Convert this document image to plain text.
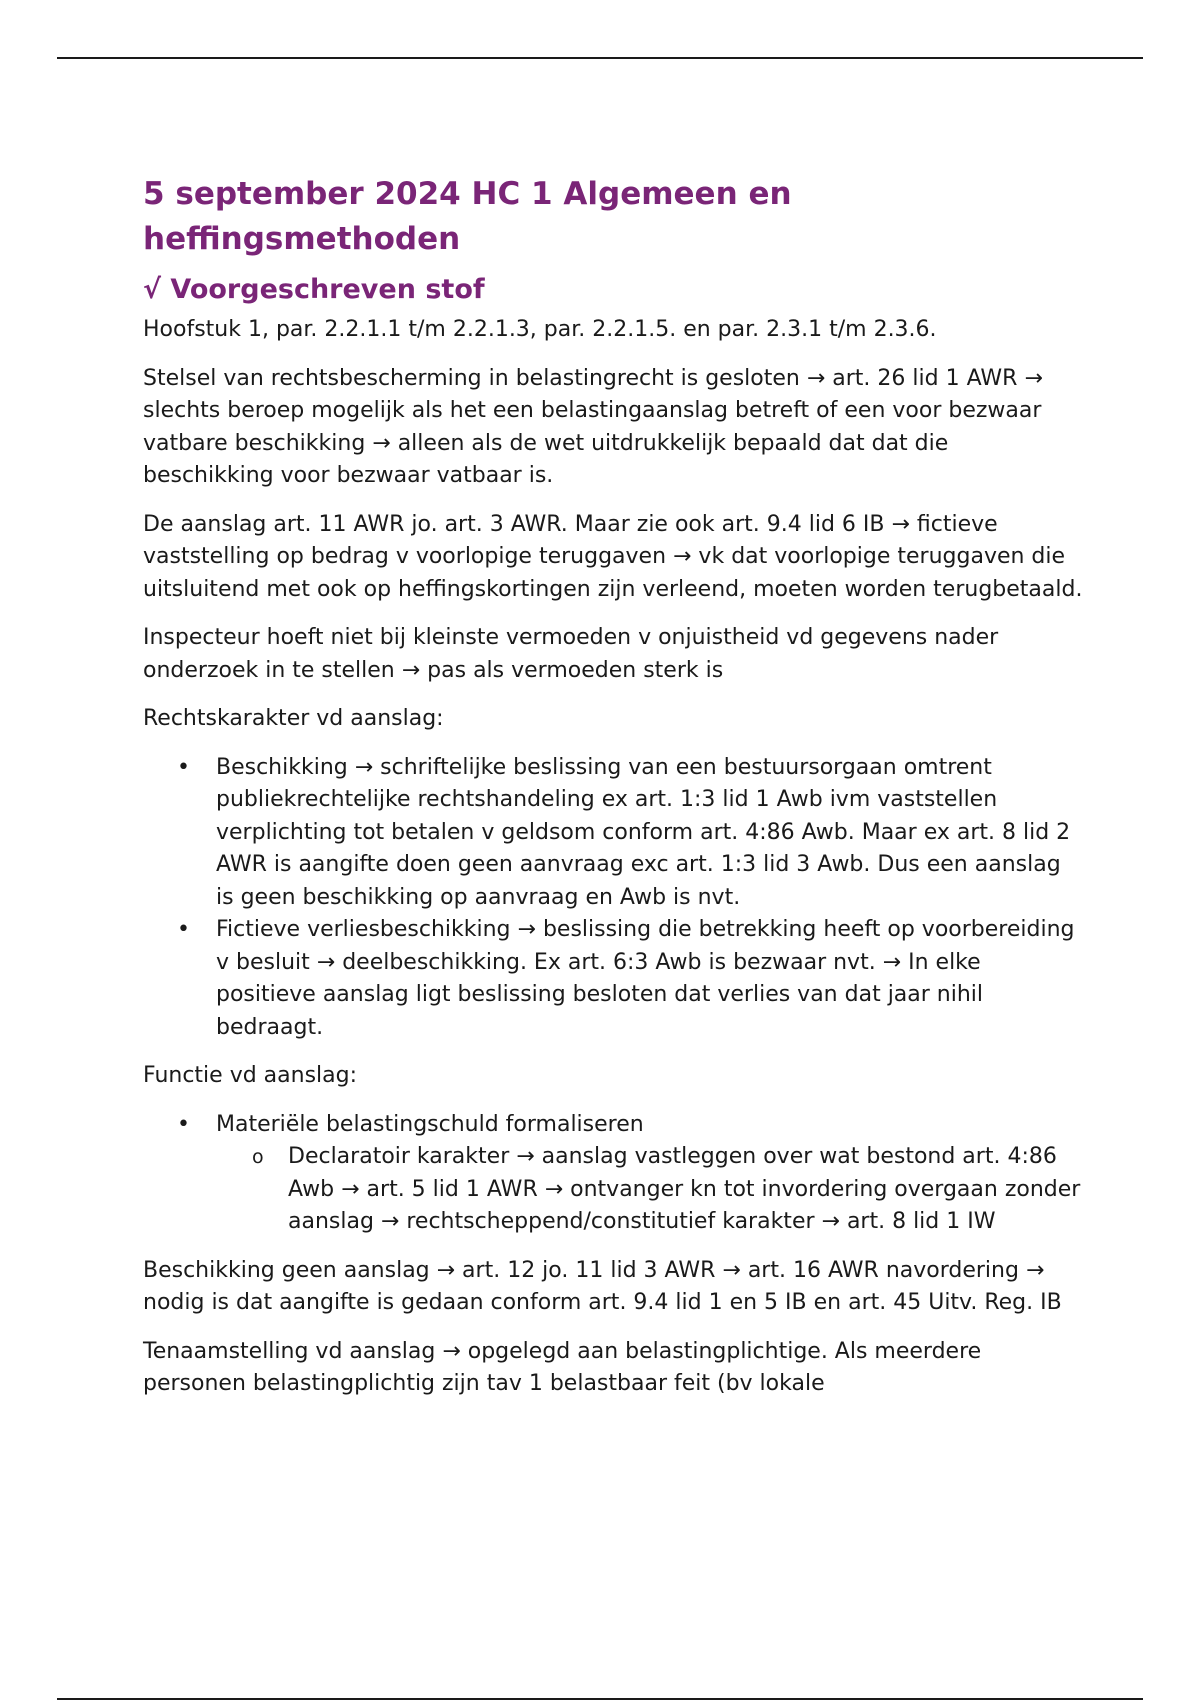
5 september 2024 HC 1 Algemeen en heffingsmethoden
√ Voorgeschreven stof

Hoofstuk 1, par. 2.2.1.1 t/m 2.2.1.3, par. 2.2.1.5. en par. 2.3.1 t/m 2.3.6.

Stelsel van rechtsbescherming in belastingrecht is gesloten → art. 26 lid 1 AWR → slechts beroep mogelijk als het een belastingaanslag betreft of een voor bezwaar vatbare beschikking → alleen als de wet uitdrukkelijk bepaald dat dat die beschikking voor bezwaar vatbaar is.

De aanslag art. 11 AWR jo. art. 3 AWR. Maar zie ook art. 9.4 lid 6 IB → fictieve vaststelling op bedrag v voorlopige teruggaven → vk dat voorlopige teruggaven die uitsluitend met ook op heffingskortingen zijn verleend, moeten worden terugbetaald.

Inspecteur hoeft niet bij kleinste vermoeden v onjuistheid vd gegevens nader onderzoek in te stellen → pas als vermoeden sterk is

Rechtskarakter vd aanslag:

• Beschikking → schriftelijke beslissing van een bestuursorgaan omtrent publiekrechtelijke rechtshandeling ex art. 1:3 lid 1 Awb ivm vaststellen verplichting tot betalen v geldsom conform art. 4:86 Awb. Maar ex art. 8 lid 2 AWR is aangifte doen geen aanvraag exc art. 1:3 lid 3 Awb. Dus een aanslag is geen beschikking op aanvraag en Awb is nvt.
• Fictieve verliesbeschikking → beslissing die betrekking heeft op voorbereiding v besluit → deelbeschikking. Ex art. 6:3 Awb is bezwaar nvt. → In elke positieve aanslag ligt beslissing besloten dat verlies van dat jaar nihil bedraagt.

Functie vd aanslag:

• Materiële belastingschuld formaliseren
o Declaratoir karakter → aanslag vastleggen over wat bestond art. 4:86 Awb → art. 5 lid 1 AWR → ontvanger kn tot invordering overgaan zonder aanslag → rechtscheppend/constitutief karakter → art. 8 lid 1 IW

Beschikking geen aanslag → art. 12 jo. 11 lid 3 AWR → art. 16 AWR navordering → nodig is dat aangifte is gedaan conform art. 9.4 lid 1 en 5 IB en art. 45 Uitv. Reg. IB

Tenaamstelling vd aanslag → opgelegd aan belastingplichtige. Als meerdere personen belastingplichtig zijn tav 1 belastbaar feit (bv lokale
